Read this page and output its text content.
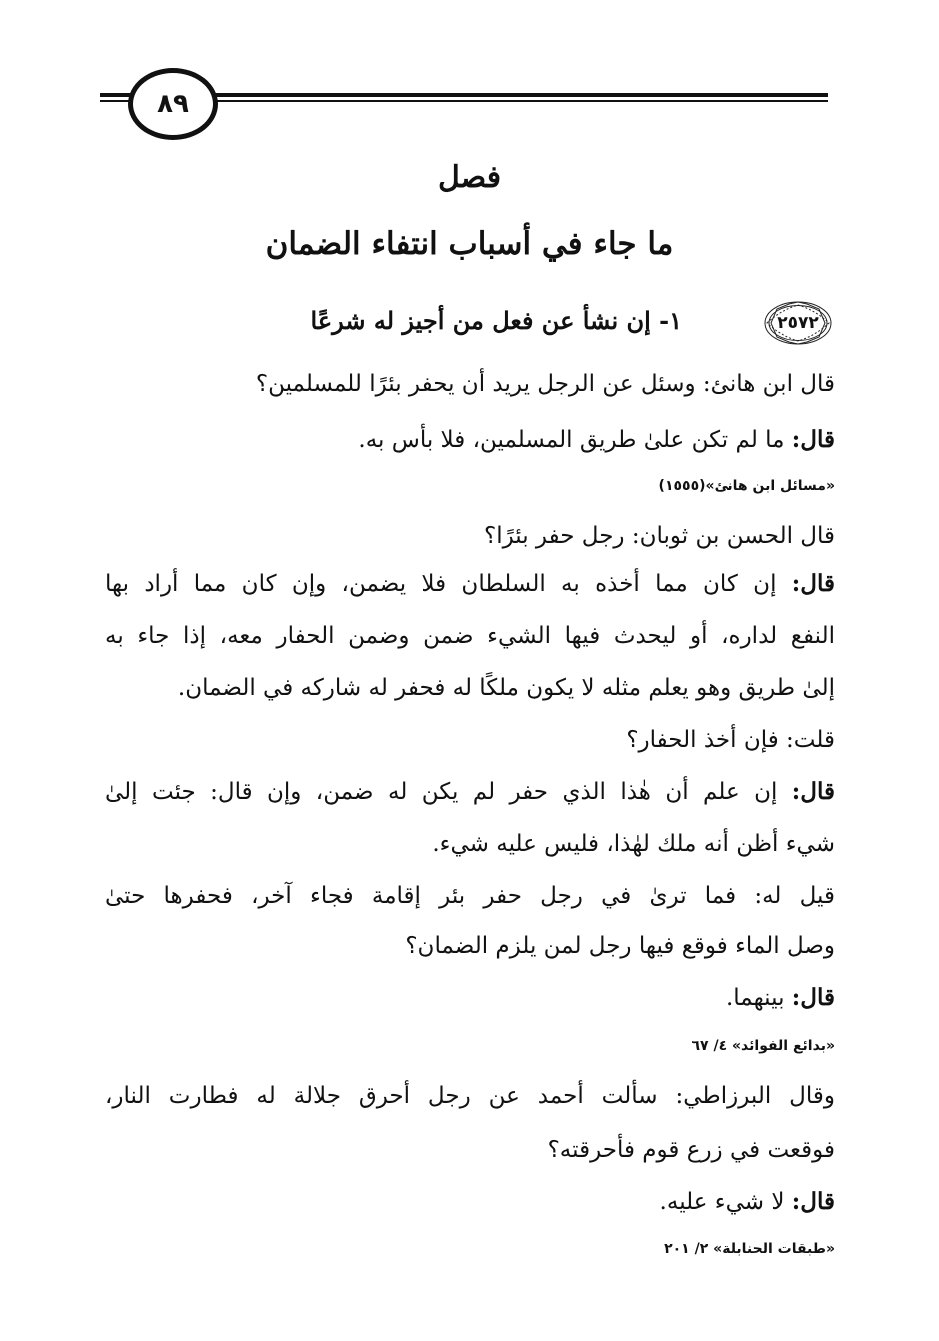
٨٩
فصل
ما جاء في أسباب انتفاء الضمان
٢٥٧٢
١- إن نشأ عن فعل من أجيز له شرعًا
قال ابن هانئ: وسئل عن الرجل يريد أن يحفر بئرًا للمسلمين؟
قال: ما لم تكن علىٰ طريق المسلمين، فلا بأس به.
«مسائل ابن هانئ»(١٥٥٥)
قال الحسن بن ثوبان: رجل حفر بئرًا؟
قال: إن كان مما أخذه به السلطان فلا يضمن، وإن كان مما أراد بها
النفع لداره، أو ليحدث فيها الشيء ضمن وضمن الحفار معه، إذا جاء به
إلىٰ طريق وهو يعلم مثله لا يكون ملكًا له فحفر له شاركه في الضمان.
قلت: فإن أخذ الحفار؟
قال: إن علم أن هٰذا الذي حفر لم يكن له ضمن، وإن قال: جئت إلىٰ
شيء أظن أنه ملك لهٰذا، فليس عليه شيء.
قيل له: فما ترىٰ في رجل حفر بئر إقامة فجاء آخر، فحفرها حتىٰ
وصل الماء فوقع فيها رجل لمن يلزم الضمان؟
قال: بينهما.
«بدائع الفوائد» ٤/ ٦٧
وقال البرزاطي: سألت أحمد عن رجل أحرق جلالة له فطارت النار،
فوقعت في زرع قوم فأحرقته؟
قال: لا شيء عليه.
«طبقات الحنابلة» ٢/ ٢٠١
